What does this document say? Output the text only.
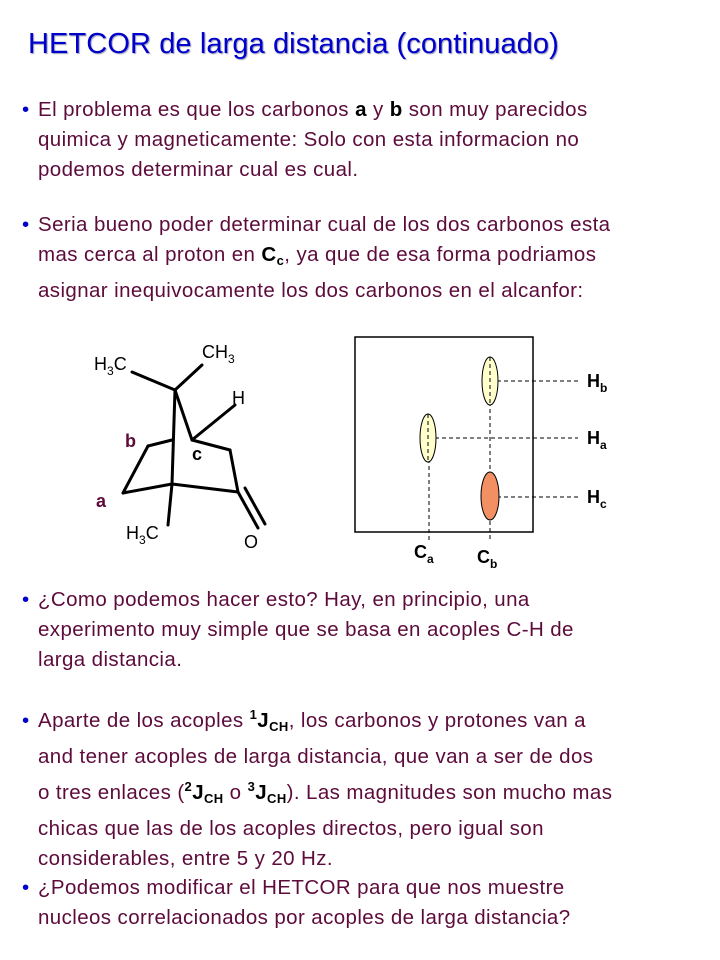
HETCOR de larga distancia (continuado)
• El problema es que los carbonos a y b son muy parecidos
quimica y magneticamente: Solo con esta informacion no
podemos determinar cual es cual.
• Seria bueno poder determinar cual de los dos carbonos esta
mas cerca al proton en $C_c$, ya que de esa forma podriamos
asignar inequivocamente los dos carbonos en el alcanfor:
$H_3C$
$CH_3$
H
c
b
a
$H_3C$	O
$H_b$
$H_a$
$H_c$
$C_a$ $C_b$
• ¿Como podemos hacer esto? Hay, en principio, una
experimento muy simple que se basa en acoples C-H de
larga distancia.
• Aparte de los acoples $^1J_{CH}$, los carbonos y protones van a
and tener acoples de larga distancia, que van a ser de dos
o tres enlaces ($^2J_{CH}$ o $^3J_{CH}$). Las magnitudes son mucho mas
chicas que las de los acoples directos, pero igual son
considerables, entre 5 y 20 Hz.
• ¿Podemos modificar el HETCOR para que nos muestre
nucleos correlacionados por acoples de larga distancia?
